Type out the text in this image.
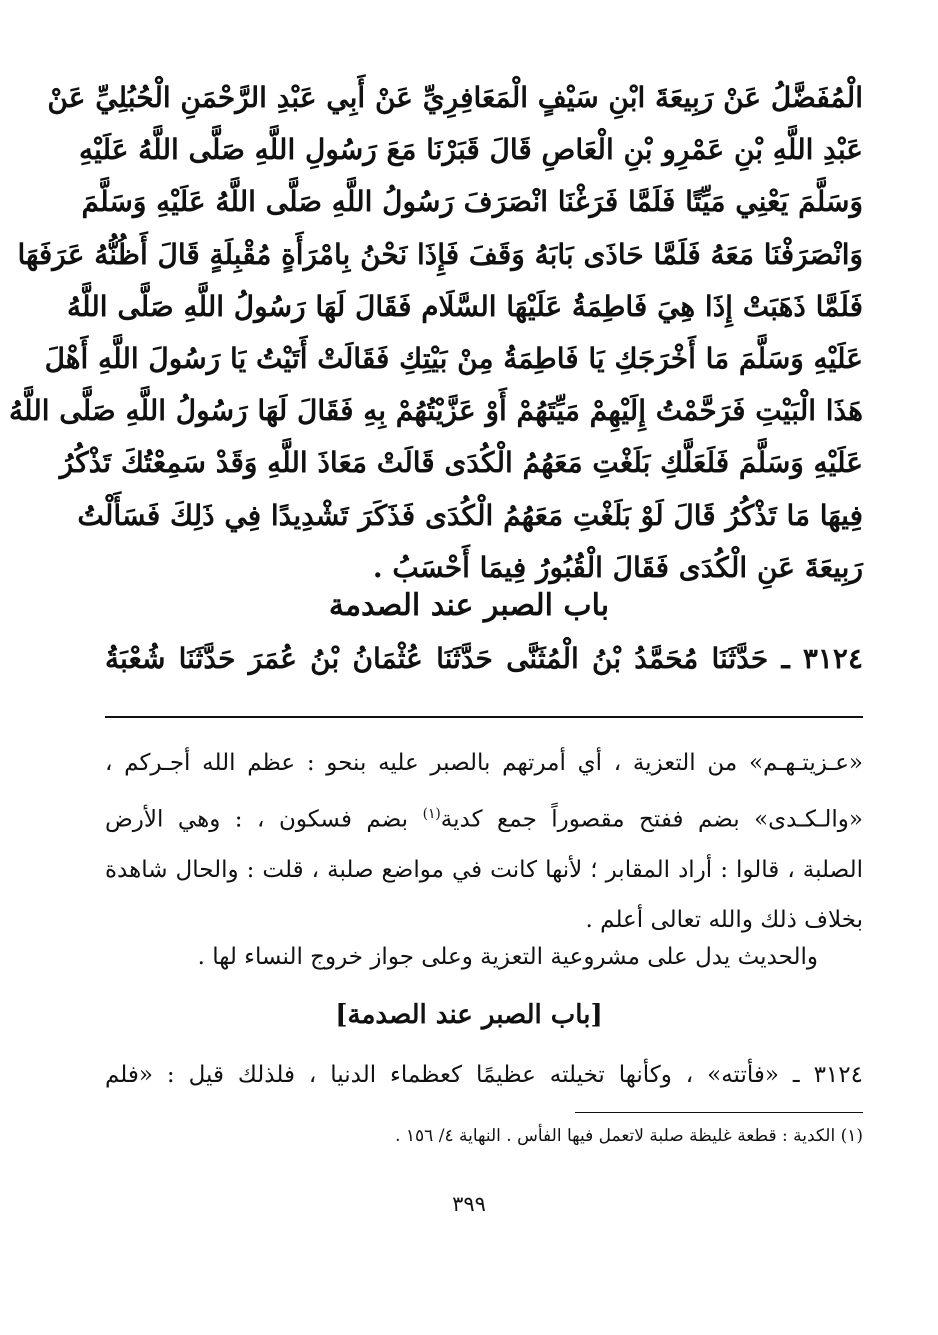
الْمُفَضَّلُ عَنْ رَبِيعَةَ ابْنِ سَيْفٍ الْمَعَافِرِيِّ عَنْ أَبِي عَبْدِ الرَّحْمَنِ الْحُبُلِيِّ عَنْ
عَبْدِ اللَّهِ بْنِ عَمْرِو بْنِ الْعَاصِ قَالَ قَبَرْنَا مَعَ رَسُولِ اللَّهِ صَلَّى اللَّهُ عَلَيْهِ
وَسَلَّمَ يَعْنِي مَيِّتًا فَلَمَّا فَرَغْنَا انْصَرَفَ رَسُولُ اللَّهِ صَلَّى اللَّهُ عَلَيْهِ وَسَلَّمَ
وَانْصَرَفْنَا مَعَهُ فَلَمَّا حَاذَى بَابَهُ وَقَفَ فَإِذَا نَحْنُ بِامْرَأَةٍ مُقْبِلَةٍ قَالَ أَظُنُّهُ عَرَفَهَا
فَلَمَّا ذَهَبَتْ إِذَا هِيَ فَاطِمَةُ عَلَيْهَا السَّلَام فَقَالَ لَهَا رَسُولُ اللَّهِ صَلَّى اللَّهُ
عَلَيْهِ وَسَلَّمَ مَا أَخْرَجَكِ يَا فَاطِمَةُ مِنْ بَيْتِكِ فَقَالَتْ أَتَيْتُ يَا رَسُولَ اللَّهِ أَهْلَ
هَذَا الْبَيْتِ فَرَحَّمْتُ إِلَيْهِمْ مَيِّتَهُمْ أَوْ عَزَّيْتُهُمْ بِهِ فَقَالَ لَهَا رَسُولُ اللَّهِ صَلَّى اللَّهُ
عَلَيْهِ وَسَلَّمَ فَلَعَلَّكِ بَلَغْتِ مَعَهُمُ الْكُدَى قَالَتْ مَعَاذَ اللَّهِ وَقَدْ سَمِعْتُكَ تَذْكُرُ
فِيهَا مَا تَذْكُرُ قَالَ لَوْ بَلَغْتِ مَعَهُمُ الْكُدَى فَذَكَرَ تَشْدِيدًا فِي ذَلِكَ فَسَأَلْتُ
رَبِيعَةَ عَنِ الْكُدَى فَقَالَ الْقُبُورُ فِيمَا أَحْسَبُ .
باب الصبر عند الصدمة
٣١٢٤ ـ حَدَّثَنَا مُحَمَّدُ بْنُ الْمُثَنَّى حَدَّثَنَا عُثْمَانُ بْنُ عُمَرَ حَدَّثَنَا شُعْبَةُ
«عـزيتـهـم» من التعزية ، أي أمرتهم بالصبر عليه بنحو : عظم الله أجـركم ،
«والـكـدى» بضم ففتح مقصوراً جمع كدية$^{(١)}$ بضم فسكون ، : وهي الأرض
الصلبة ، قالوا : أراد المقابر ؛ لأنها كانت في مواضع صلبة ، قلت : والحال شاهدة
بخلاف ذلك والله تعالى أعلم .
والحديث يدل على مشروعية التعزية وعلى جواز خروج النساء لها .
[باب الصبر عند الصدمة]
٣١٢٤ ـ «فأتته» ، وكأنها تخيلته عظيمًا كعظماء الدنيا ، فلذلك قيل : «فلم
(١) الكدية : قطعة غليظة صلبة لاتعمل فيها الفأس . النهاية ٤/ ١٥٦ .
٣٩٩
